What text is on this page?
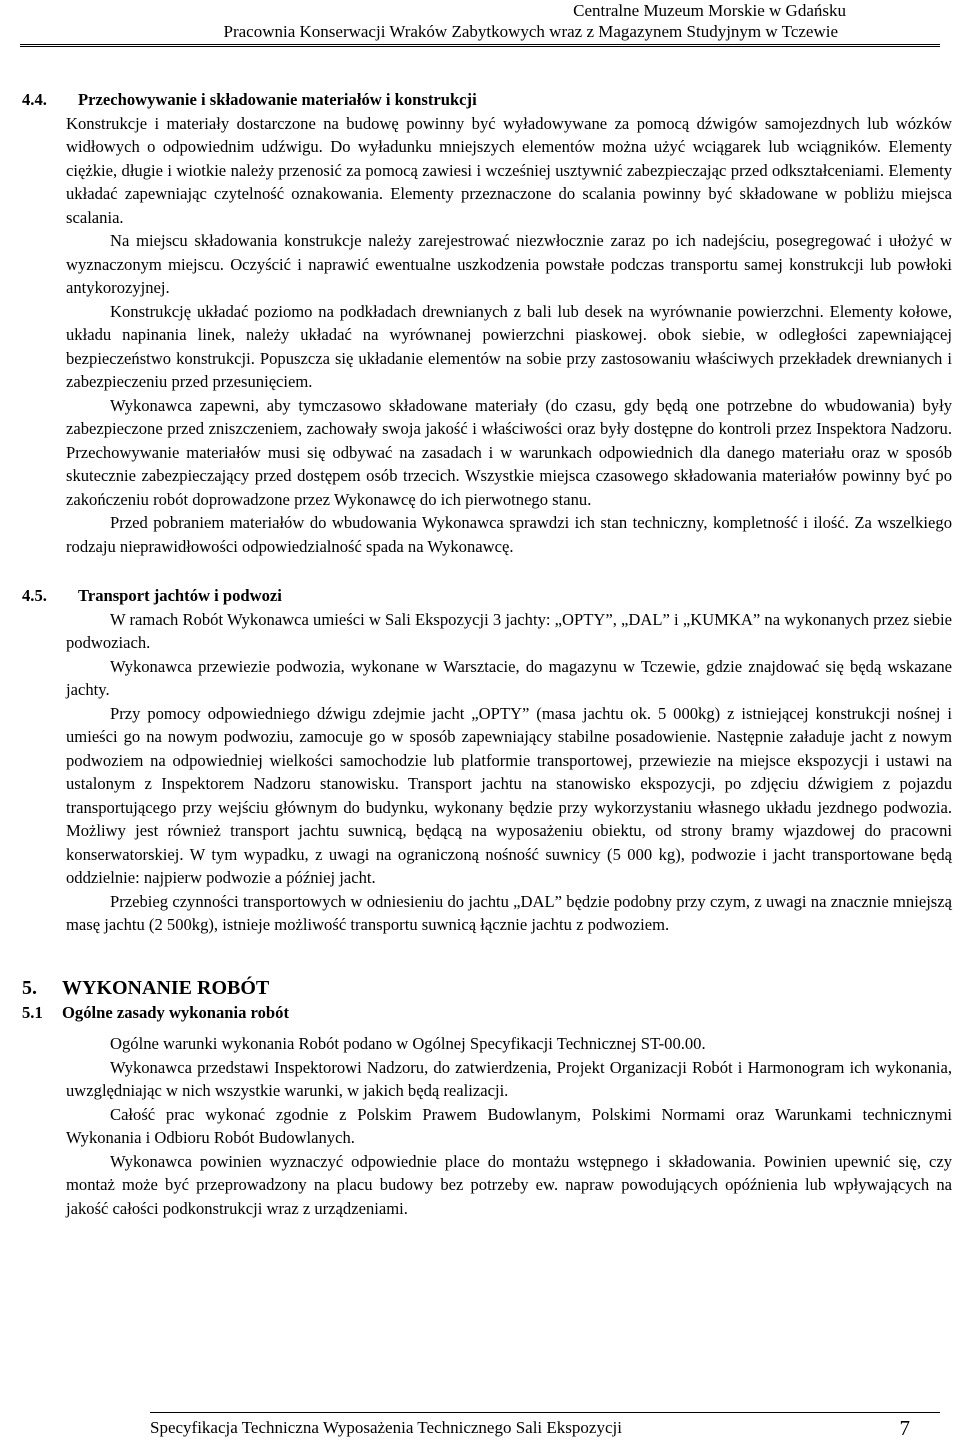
Centralne Muzeum Morskie w Gdańsku
Pracownia Konserwacji Wraków Zabytkowych wraz z Magazynem Studyjnym w Tczewie
4.4.	Przechowywanie i składowanie materiałów i konstrukcji

Konstrukcje i materiały dostarczone na budowę powinny być wyładowywane za pomocą dźwigów samojezdnych lub wózków widłowych o odpowiednim udźwigu. Do wyładunku mniejszych elementów można użyć wciągarek lub wciągników. Elementy ciężkie, długie i wiotkie należy przenosić za pomocą zawiesi i wcześniej usztywnić zabezpieczając przed odkształceniami. Elementy układać zapewniając czytelność oznakowania. Elementy przeznaczone do scalania powinny być składowane w pobliżu miejsca scalania.

Na miejscu składowania konstrukcje należy zarejestrować niezwłocznie zaraz po ich nadejściu, posegregować i ułożyć w wyznaczonym miejscu. Oczyścić i naprawić ewentualne uszkodzenia powstałe podczas transportu samej konstrukcji lub powłoki antykorozyjnej.

Konstrukcję układać poziomo na podkładach drewnianych z bali lub desek na wyrównanie powierzchni. Elementy kołowe, układu napinania linek, należy układać na wyrównanej powierzchni piaskowej. obok siebie, w odległości zapewniającej bezpieczeństwo konstrukcji. Popuszcza się układanie elementów na sobie przy zastosowaniu właściwych przekładek drewnianych i zabezpieczeniu przed przesunięciem.

Wykonawca zapewni, aby tymczasowo składowane materiały (do czasu, gdy będą one potrzebne do wbudowania) były zabezpieczone przed zniszczeniem, zachowały swoja jakość i właściwości oraz były dostępne do kontroli przez Inspektora Nadzoru. Przechowywanie materiałów musi się odbywać na zasadach i w warunkach odpowiednich dla danego materiału oraz w sposób skutecznie zabezpieczający przed dostępem osób trzecich. Wszystkie miejsca czasowego składowania materiałów powinny być po zakończeniu robót doprowadzone przez Wykonawcę do ich pierwotnego stanu.

Przed pobraniem materiałów do wbudowania Wykonawca sprawdzi ich stan techniczny, kompletność i ilość. Za wszelkiego rodzaju nieprawidłowości odpowiedzialność spada na Wykonawcę.

4.5.	Transport jachtów i podwozi

W ramach Robót Wykonawca umieści w Sali Ekspozycji 3 jachty: „OPTY”, „DAL” i „KUMKA” na wykonanych przez siebie podwoziach.

Wykonawca przewiezie podwozia, wykonane w Warsztacie, do magazynu w Tczewie, gdzie znajdować się będą wskazane jachty.

Przy pomocy odpowiedniego dźwigu zdejmie jacht „OPTY” (masa jachtu ok. 5 000kg) z istniejącej konstrukcji nośnej i umieści go na nowym podwoziu, zamocuje go w sposób zapewniający stabilne posadowienie. Następnie załaduje jacht z nowym podwoziem na odpowiedniej wielkości samochodzie lub platformie transportowej, przewiezie na miejsce ekspozycji i ustawi na ustalonym z Inspektorem Nadzoru stanowisku. Transport jachtu na stanowisko ekspozycji, po zdjęciu dźwigiem z pojazdu transportującego przy wejściu głównym do budynku, wykonany będzie przy wykorzystaniu własnego układu jezdnego podwozia. Możliwy jest również transport jachtu suwnicą, będącą na wyposażeniu obiektu, od strony bramy wjazdowej do pracowni konserwatorskiej. W tym wypadku, z uwagi na ograniczoną nośność suwnicy (5 000 kg), podwozie i jacht transportowane będą oddzielnie: najpierw podwozie a później jacht.

Przebieg czynności transportowych w odniesieniu do jachtu „DAL” będzie podobny przy czym, z uwagi na znacznie mniejszą masę jachtu (2 500kg), istnieje możliwość transportu suwnicą łącznie jachtu z podwoziem.

5.	WYKONANIE ROBÓT
5.1	Ogólne zasady wykonania robót

Ogólne warunki wykonania Robót podano w Ogólnej Specyfikacji Technicznej ST-00.00.

Wykonawca przedstawi Inspektorowi Nadzoru, do zatwierdzenia, Projekt Organizacji Robót i Harmonogram ich wykonania, uwzględniając w nich wszystkie warunki, w jakich będą realizacji.

Całość prac wykonać zgodnie z Polskim Prawem Budowlanym, Polskimi Normami oraz Warunkami technicznymi Wykonania i Odbioru Robót Budowlanych.

Wykonawca powinien wyznaczyć odpowiednie place do montażu wstępnego i składowania. Powinien upewnić się, czy montaż może być przeprowadzony na placu budowy bez potrzeby ew. napraw powodujących opóźnienia lub wpływających na jakość całości podkonstrukcji wraz z urządzeniami.

Specyfikacja Techniczna Wyposażenia Technicznego Sali Ekspozycji	7
